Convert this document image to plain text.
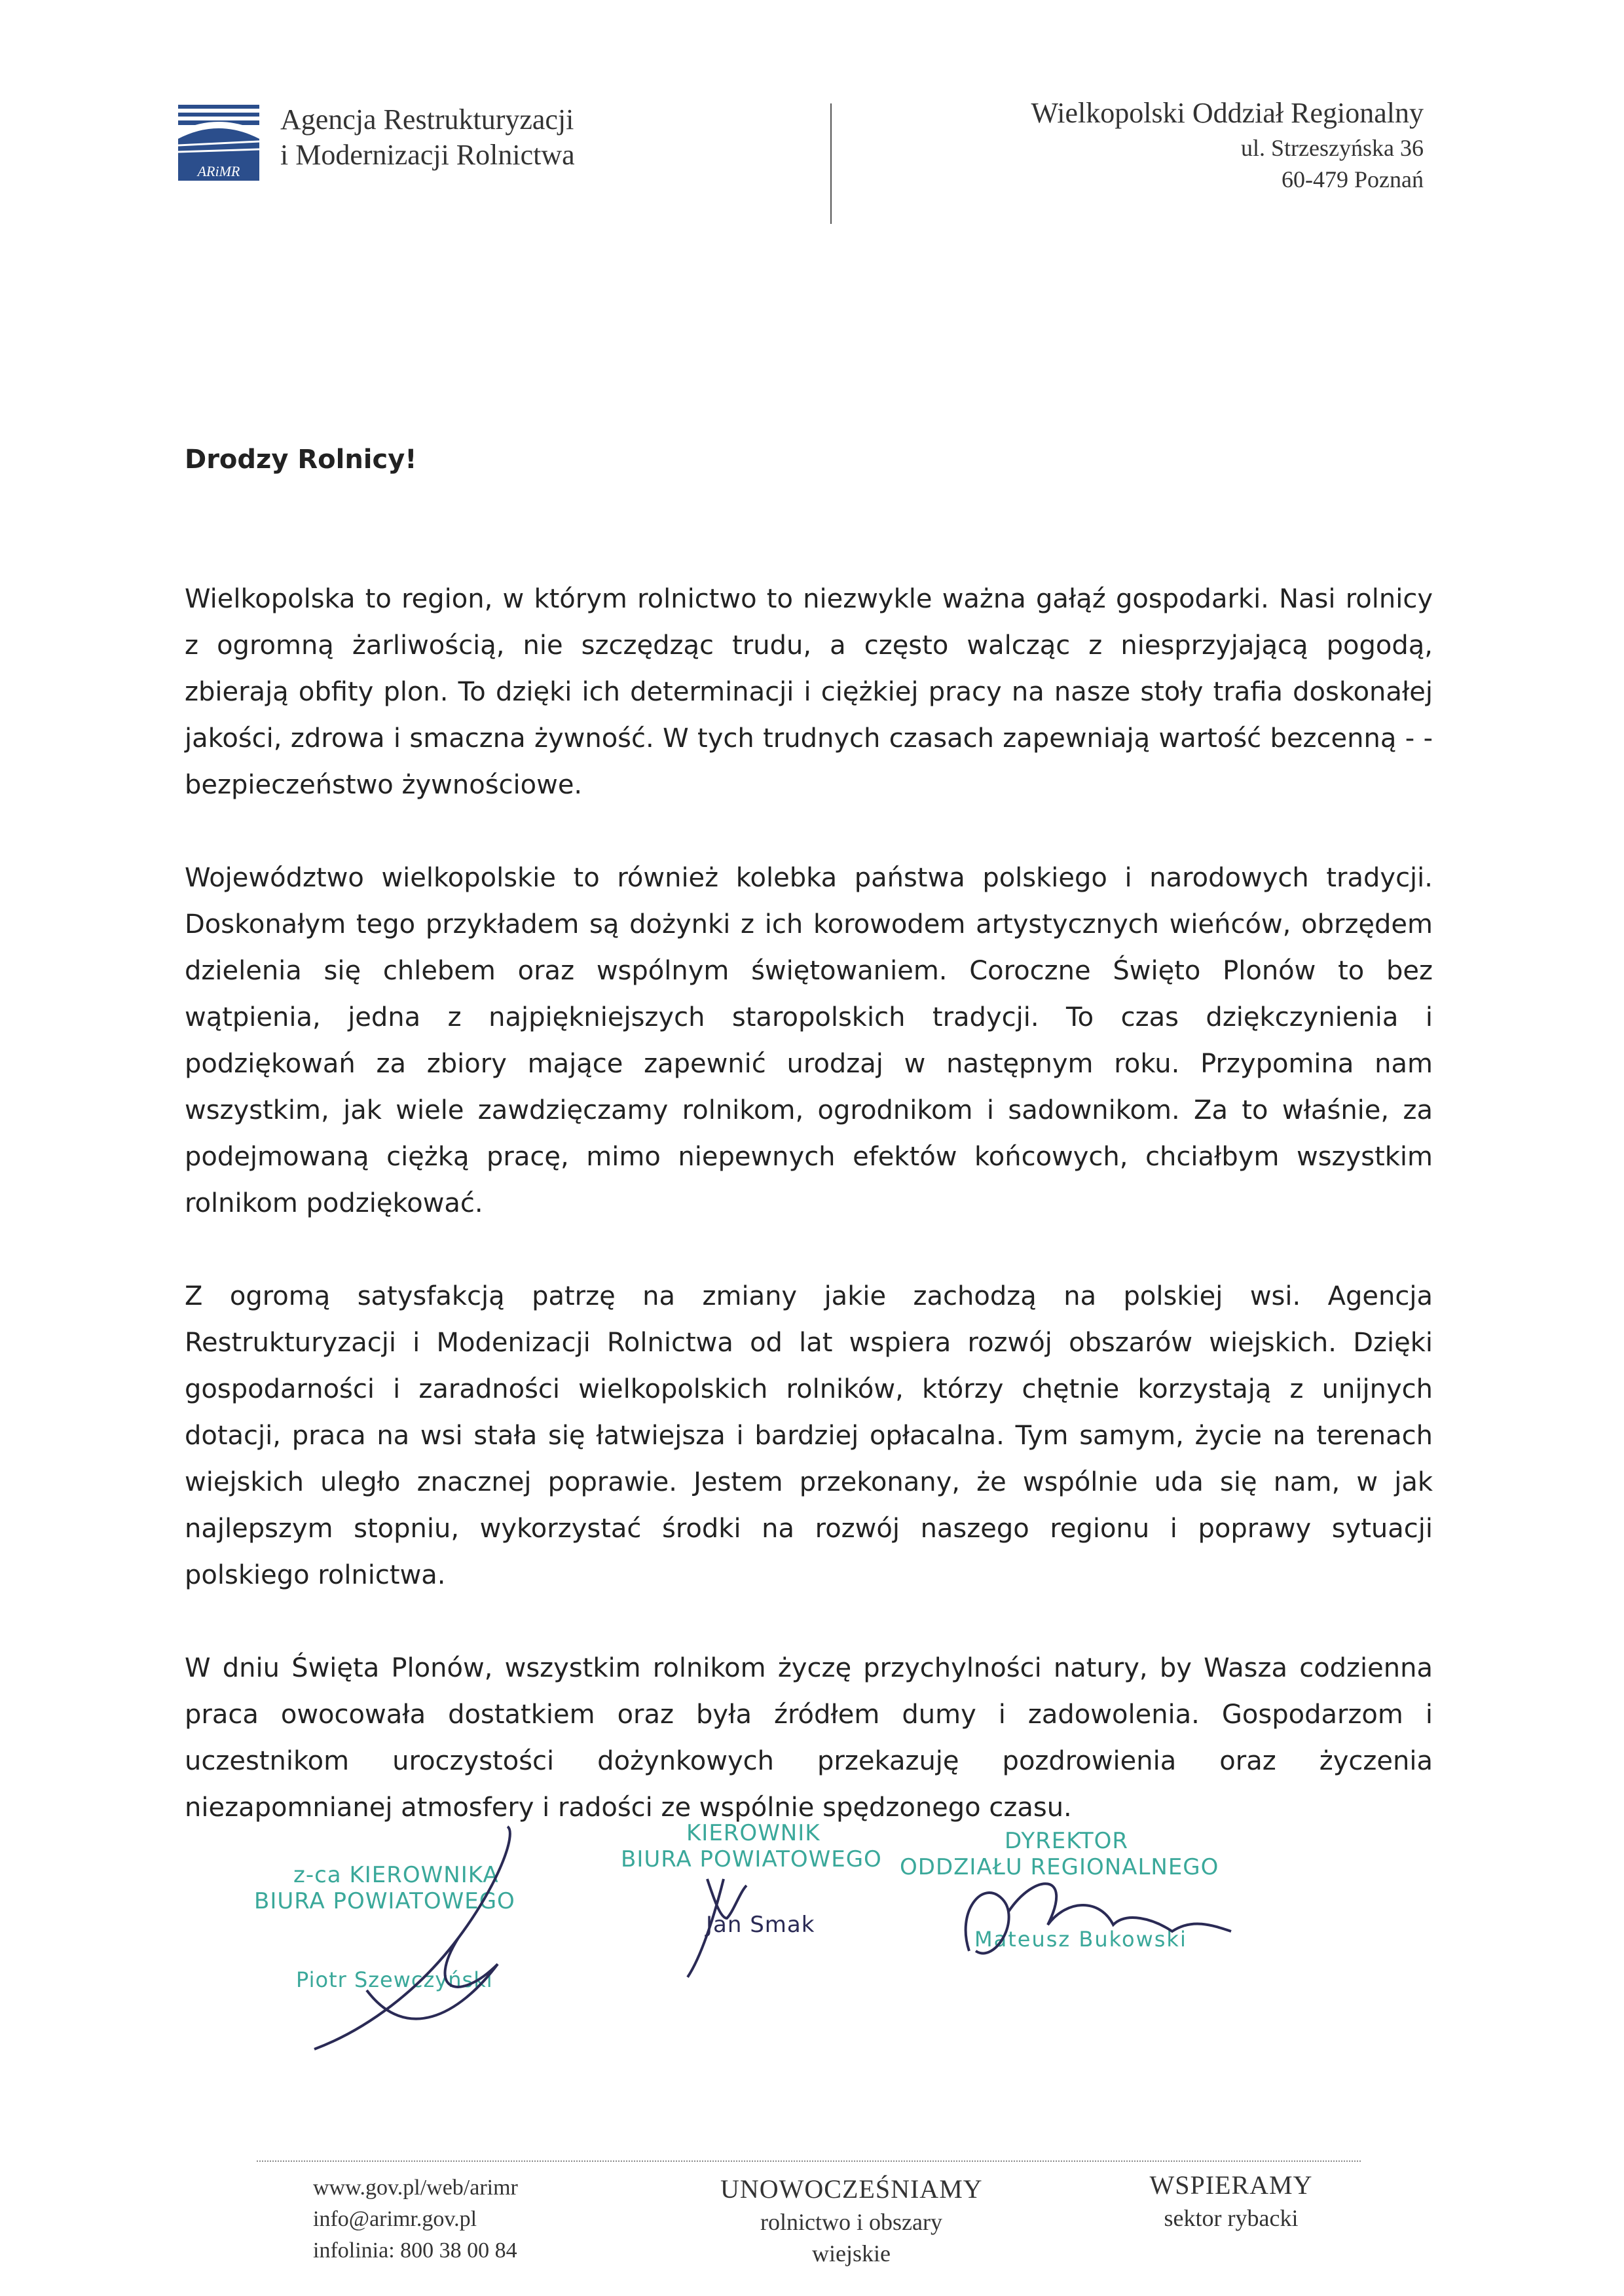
ARiMR
Agencja Restrukturyzacji
i Modernizacji Rolnictwa
Wielkopolski Oddział Regionalny
ul. Strzeszyńska 36
60-479 Poznań
Drodzy Rolnicy!

Wielkopolska to region, w którym rolnictwo to niezwykle ważna gałąź gospodarki. Nasi rolnicy z ogromną żarliwością, nie szczędząc trudu, a często walcząc z niesprzyjającą pogodą, zbierają obfity plon. To dzięki ich determinacji i ciężkiej pracy na nasze stoły trafia doskonałej jakości, zdrowa i smaczna żywność. W tych trudnych czasach zapewniają wartość bezcenną - - bezpieczeństwo żywnościowe.

Województwo wielkopolskie to również kolebka państwa polskiego i narodowych tradycji. Doskonałym tego przykładem są dożynki z ich korowodem artystycznych wieńców, obrzędem dzielenia się chlebem oraz wspólnym świętowaniem. Coroczne Święto Plonów to bez wątpienia, jedna z najpiękniejszych staropolskich tradycji. To czas dziękczynienia i podziękowań za zbiory mające zapewnić urodzaj w następnym roku. Przypomina nam wszystkim, jak wiele zawdzięczamy rolnikom, ogrodnikom i sadownikom. Za to właśnie, za podejmowaną ciężką pracę, mimo niepewnych efektów końcowych, chciałbym wszystkim rolnikom podziękować.

Z ogromą satysfakcją patrzę na zmiany jakie zachodzą na polskiej wsi. Agencja Restrukturyzacji i Modenizacji Rolnictwa od lat wspiera rozwój obszarów wiejskich. Dzięki gospodarności i zaradności wielkopolskich rolników, którzy chętnie korzystają z unijnych dotacji, praca na wsi stała się łatwiejsza i bardziej opłacalna. Tym samym, życie na terenach wiejskich uległo znacznej poprawie. Jestem przekonany, że wspólnie uda się nam, w jak najlepszym stopniu, wykorzystać środki na rozwój naszego regionu i poprawy sytuacji polskiego rolnictwa.

W dniu Święta Plonów, wszystkim rolnikom życzę przychylności natury, by Wasza codzienna praca owocowała dostatkiem oraz była źródłem dumy i zadowolenia. Gospodarzom i uczestnikom uroczystości dożynkowych przekazuję pozdrowienia oraz życzenia niezapomnianej atmosfery i radości ze wspólnie spędzonego czasu.

z-ca KIEROWNIKA
BIURA POWIATOWEGO
Piotr Szewczyński
KIEROWNIK
BIURA POWIATOWEGO
Jan Smak
DYREKTOR
ODDZIAŁU REGIONALNEGO
Mateusz Bukowski
www.gov.pl/web/arimr
info@arimr.gov.pl
infolinia: 800 38 00 84
UNOWOCZEŚNIAMY
rolnictwo i obszary wiejskie
WSPIERAMY
sektor rybacki
